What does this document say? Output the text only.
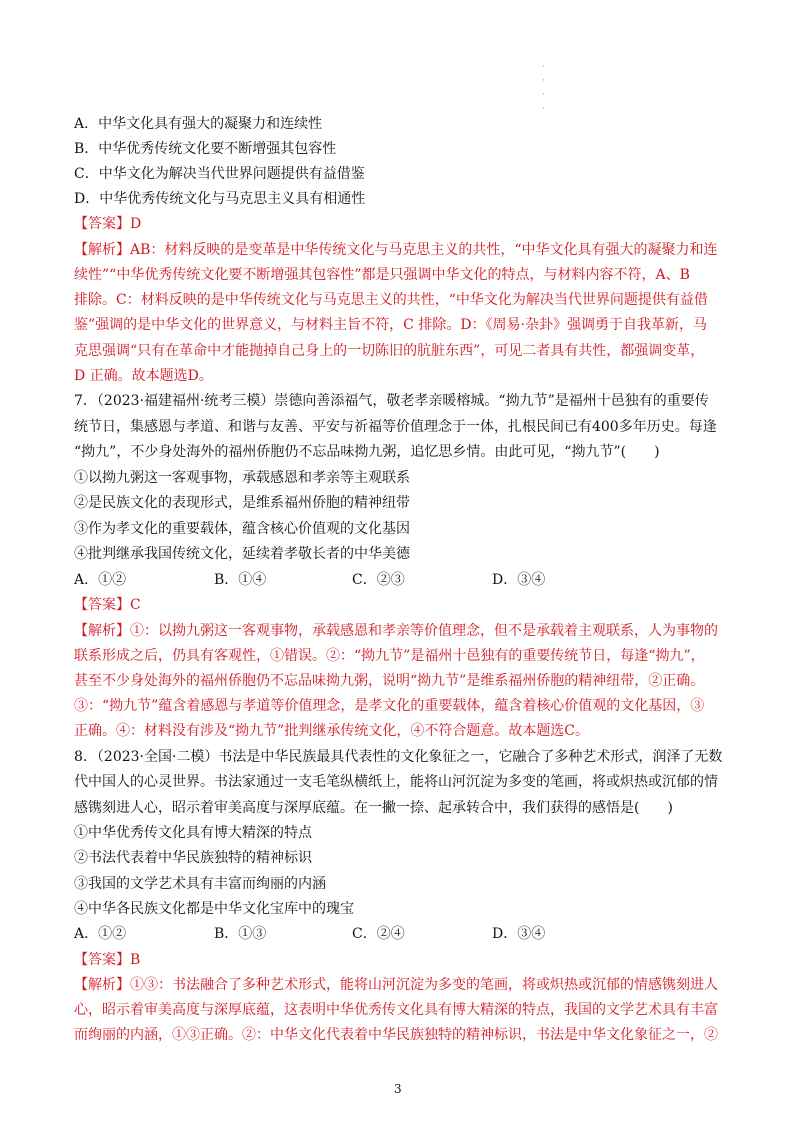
·
·
·
·
A．中华文化具有强大的凝聚力和连续性
B．中华优秀传统文化要不断增强其包容性
C．中华文化为解决当代世界问题提供有益借鉴
D．中华优秀传统文化与马克思主义具有相通性
【答案】D
【解析】AB：材料反映的是变革是中华传统文化与马克思主义的共性，“中华文化具有强大的凝聚力和连
续性”“中华优秀传统文化要不断增强其包容性”都是只强调中华文化的特点，与材料内容不符，A、B
排除。C：材料反映的是中华传统文化与马克思主义的共性，“中华文化为解决当代世界问题提供有益借
鉴”强调的是中华文化的世界意义，与材料主旨不符，C 排除。D：《周易·杂卦》强调勇于自我革新，马
克思强调“只有在革命中才能抛掉自己身上的一切陈旧的肮脏东西”，可见二者具有共性，都强调变革，
D 正确。故本题选D。
7．（2023·福建福州·统考三模）崇德向善添福气，敬老孝亲暖榕城。“拗九节”是福州十邑独有的重要传
统节日，集感恩与孝道、和谐与友善、平安与祈福等价值理念于一体，扎根民间已有400多年历史。每逢
“拗九”，不少身处海外的福州侨胞仍不忘品味拗九粥，追忆思乡情。由此可见，“拗九节”(　　)
①以拗九粥这一客观事物，承载感恩和孝亲等主观联系
②是民族文化的表现形式，是维系福州侨胞的精神纽带
③作为孝文化的重要载体，蕴含核心价值观的文化基因
④批判继承我国传统文化，延续着孝敬长者的中华美德
A．①②	B．①④	C．②③	D．③④
【答案】C
【解析】①：以拗九粥这一客观事物，承载感恩和孝亲等价值理念，但不是承载着主观联系，人为事物的
联系形成之后，仍具有客观性，①错误。②：“拗九节”是福州十邑独有的重要传统节日，每逢“拗九”，
甚至不少身处海外的福州侨胞仍不忘品味拗九粥，说明“拗九节”是维系福州侨胞的精神纽带，②正确。
③：“拗九节”蕴含着感恩与孝道等价值理念，是孝文化的重要载体，蕴含着核心价值观的文化基因，③
正确。④：材料没有涉及“拗九节”批判继承传统文化，④不符合题意。故本题选C。
8．（2023·全国·二模）书法是中华民族最具代表性的文化象征之一，它融合了多种艺术形式，润泽了无数
代中国人的心灵世界。书法家通过一支毛笔纵横纸上，能将山河沉淀为多变的笔画，将或炽热或沉郁的情
感镌刻进人心，昭示着审美高度与深厚底蕴。在一撇一捺、起承转合中，我们获得的感悟是(　　)
①中华优秀传文化具有博大精深的特点
②书法代表着中华民族独特的精神标识
③我国的文学艺术具有丰富而绚丽的内涵
④中华各民族文化都是中华文化宝库中的瑰宝
A．①②	B．①③	C．②④	D．③④
【答案】B
【解析】①③：书法融合了多种艺术形式，能将山河沉淀为多变的笔画，将或炽热或沉郁的情感镌刻进人
心，昭示着审美高度与深厚底蕴，这表明中华优秀传文化具有博大精深的特点，我国的文学艺术具有丰富
而绚丽的内涵，①③正确。②：中华文化代表着中华民族独特的精神标识，书法是中华文化象征之一，②
3
